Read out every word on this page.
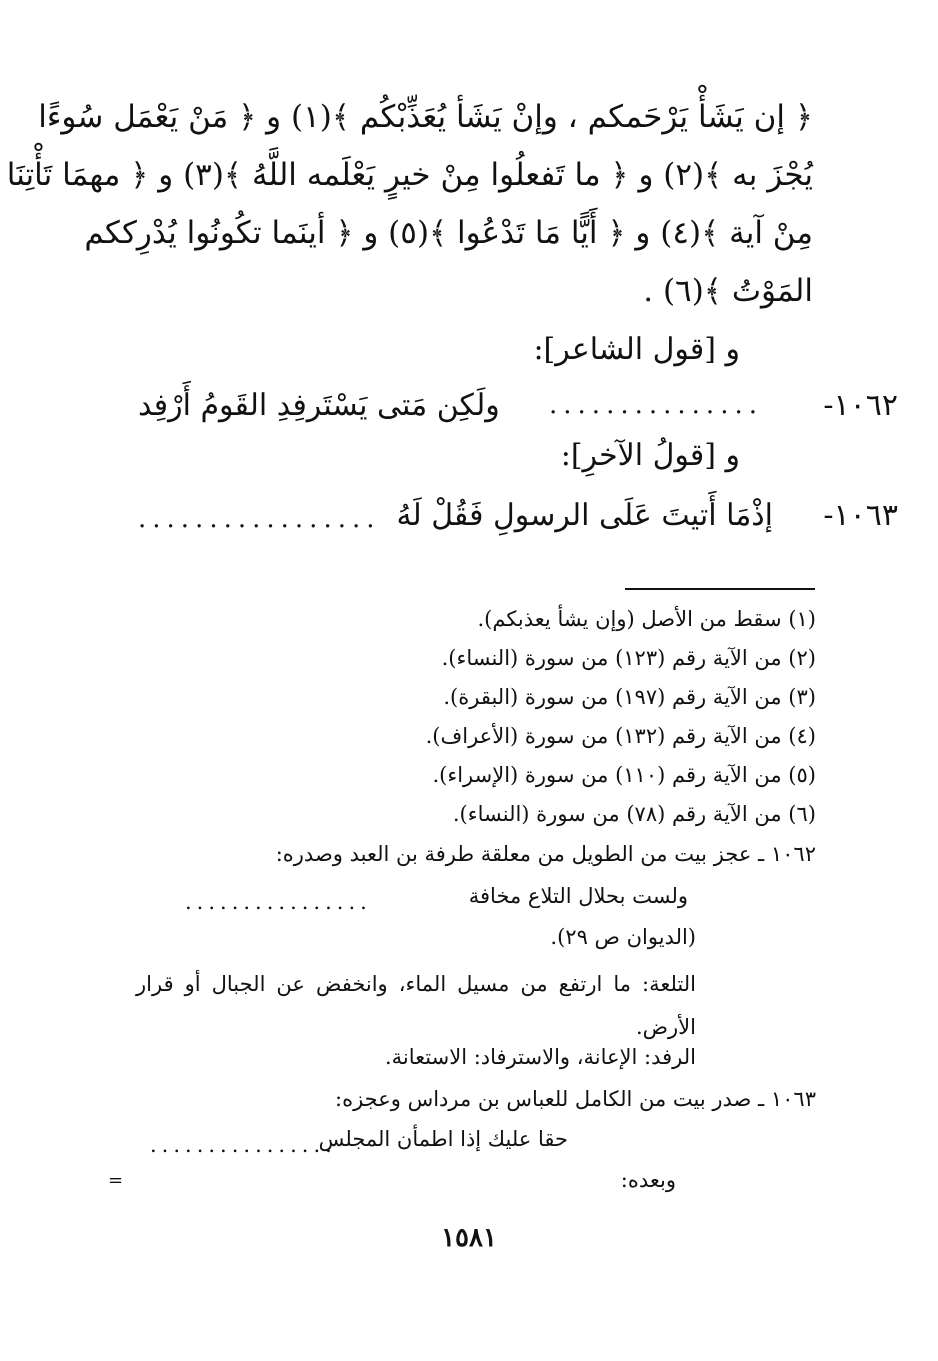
﴿ إن يَشَأْ يَرْحَمكم ، وإنْ يَشَأ يُعَذِّبْكُم ﴾(١) و ﴿ مَنْ يَعْمَل سُوءًا
يُجْزَ به ﴾(٢) و ﴿ ما تَفعلُوا مِنْ خيرٍ يَعْلَمه اللَّهُ ﴾(٣) و ﴿ مهمَا تَأْتِنَا
مِنْ آية ﴾(٤) و ﴿ أَيًّا مَا تَدْعُوا ﴾(٥) و ﴿ أينَما تكُونُوا يُدْرِككم
المَوْتُ ﴾(٦) .
و [قول الشاعر]:
١٠٦٢-
...............
ولَكِن مَتى يَسْتَرفِدِ القَومُ أَرْفِد
و [قولُ الآخرِ]:
١٠٦٣-
إذْمَا أَتيتَ عَلَى الرسولِ فَقُلْ لَهُ
.................
(١) سقط من الأصل (وإن يشأ يعذبكم).
(٢) من الآية رقم (١٢٣) من سورة (النساء).
(٣) من الآية رقم (١٩٧) من سورة (البقرة).
(٤) من الآية رقم (١٣٢) من سورة (الأعراف).
(٥) من الآية رقم (١١٠) من سورة (الإسراء).
(٦) من الآية رقم (٧٨) من سورة (النساء).
١٠٦٢ ـ عجز بيت من الطويل من معلقة طرفة بن العبد وصدره:
ولست بحلال التلاع مخافة
................
(الديوان ص ٢٩).
التلعة: ما ارتفع من مسيل الماء، وانخفض عن الجبال أو قرار الأرض.
الرفد: الإعانة، والاسترفاد: الاستعانة.
١٠٦٣ ـ صدر بيت من الكامل للعباس بن مرداس وعجزه:
حقا عليك إذا اطمأن المجلس
................
وبعده:
=
١٥٨١
